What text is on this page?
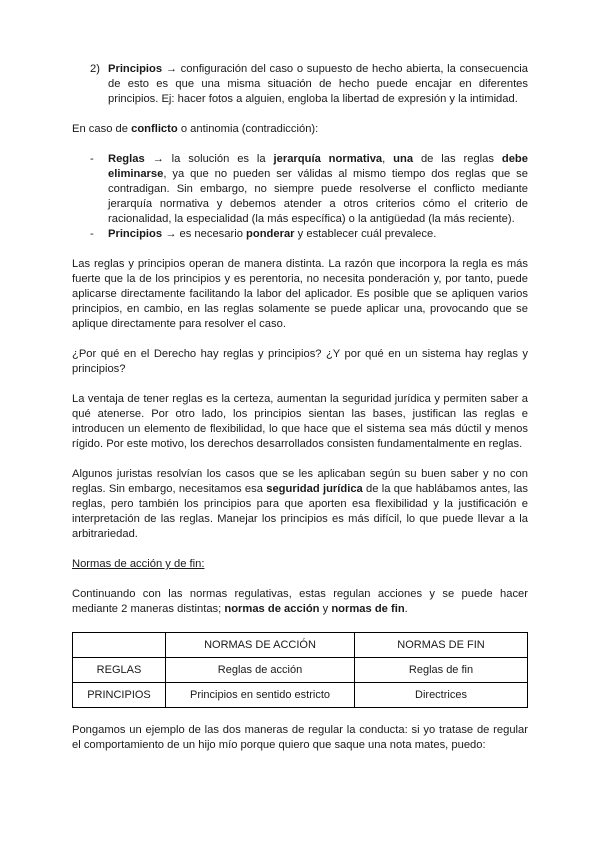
2) Principios → configuración del caso o supuesto de hecho abierta, la consecuencia de esto es que una misma situación de hecho puede encajar en diferentes principios. Ej: hacer fotos a alguien, engloba la libertad de expresión y la intimidad.

En caso de conflicto o antinomia (contradicción):

- Reglas → la solución es la jerarquía normativa, una de las reglas debe eliminarse, ya que no pueden ser válidas al mismo tiempo dos reglas que se contradigan. Sin embargo, no siempre puede resolverse el conflicto mediante jerarquía normativa y debemos atender a otros criterios cómo el criterio de racionalidad, la especialidad (la más específica) o la antigüedad (la más reciente).
- Principios → es necesario ponderar y establecer cuál prevalece.

Las reglas y principios operan de manera distinta. La razón que incorpora la regla es más fuerte que la de los principios y es perentoria, no necesita ponderación y, por tanto, puede aplicarse directamente facilitando la labor del aplicador. Es posible que se apliquen varios principios, en cambio, en las reglas solamente se puede aplicar una, provocando que se aplique directamente para resolver el caso.

¿Por qué en el Derecho hay reglas y principios? ¿Y por qué en un sistema hay reglas y principios?

La ventaja de tener reglas es la certeza, aumentan la seguridad jurídica y permiten saber a qué atenerse. Por otro lado, los principios sientan las bases, justifican las reglas e introducen un elemento de flexibilidad, lo que hace que el sistema sea más dúctil y menos rígido. Por este motivo, los derechos desarrollados consisten fundamentalmente en reglas.

Algunos juristas resolvían los casos que se les aplicaban según su buen saber y no con reglas. Sin embargo, necesitamos esa seguridad jurídica de la que hablábamos antes, las reglas, pero también los principios para que aporten esa flexibilidad y la justificación e interpretación de las reglas. Manejar los principios es más difícil, lo que puede llevar a la arbitrariedad.

Normas de acción y de fin:

Continuando con las normas regulativas, estas regulan acciones y se puede hacer mediante 2 maneras distintas; normas de acción y normas de fin.

	NORMAS DE ACCIÓN	NORMAS DE FIN
REGLAS	Reglas de acción	Reglas de fin
PRINCIPIOS	Principios en sentido estricto	Directrices

Pongamos un ejemplo de las dos maneras de regular la conducta: si yo tratase de regular el comportamiento de un hijo mío porque quiero que saque una nota mates, puedo:
